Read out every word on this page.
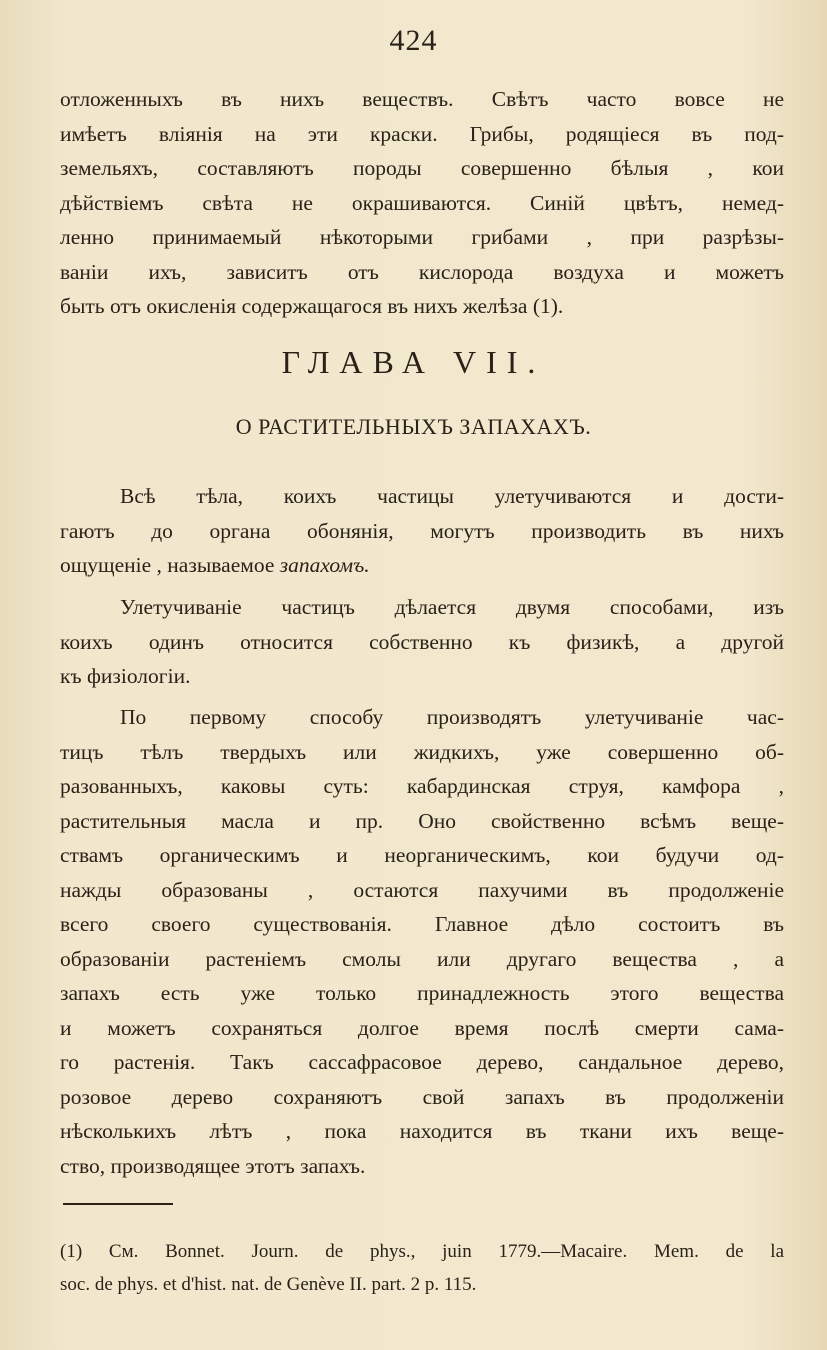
424
отложенныхъ въ нихъ веществъ. Свѣтъ часто вовсе не
имѣетъ вліянія на эти краски. Грибы, родящіеся въ под-
земельяхъ, составляютъ породы совершенно бѣлыя , кои
дѣйствіемъ свѣта не окрашиваются. Синій цвѣтъ, немед-
ленно принимаемый нѣкоторыми грибами , при разрѣзы-
ваніи ихъ, зависитъ отъ кислорода воздуха и можетъ
быть отъ окисленія содержащагося въ нихъ желѣза (1).
ГЛАВА VII.
О РАСТИТЕЛЬНЫХЪ ЗАПАХАХЪ.
Всѣ тѣла, коихъ частицы улетучиваются и дости-
гаютъ до органа обонянія, могутъ производить въ нихъ
ощущеніе , называемое запахомъ.
Улетучиваніе частицъ дѣлается двумя способами, изъ
коихъ одинъ относится собственно къ физикѣ, а другой
къ физіологіи.
По первому способу производятъ улетучиваніе час-
тицъ тѣлъ твердыхъ или жидкихъ, уже совершенно об-
разованныхъ, каковы суть: кабардинская струя, камфора ,
растительныя масла и пр. Оно свойственно всѣмъ веще-
ствамъ органическимъ и неорганическимъ, кои будучи од-
нажды образованы , остаются пахучими въ продолженіе
всего своего существованія. Главное дѣло состоитъ въ
образованіи растеніемъ смолы или другаго вещества , а
запахъ есть уже только принадлежность этого вещества
и можетъ сохраняться долгое время послѣ смерти сама-
го растенія. Такъ сассафрасовое дерево, сандальное дерево,
розовое дерево сохраняютъ свой запахъ въ продолженіи
нѣсколькихъ лѣтъ , пока находится въ ткани ихъ веще-
ство, производящее этотъ запахъ.
(1) См. Bonnet. Journ. de phys., juin 1779.—Macaire. Mem. de la
soc. de phys. et d'hist. nat. de Genève II. part. 2 p. 115.
